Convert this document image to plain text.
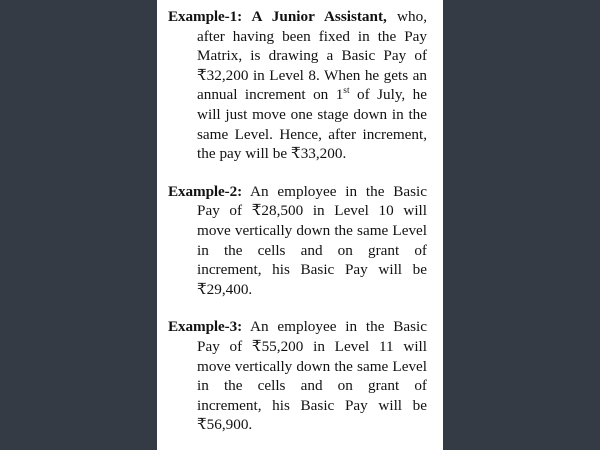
Example-1: A Junior Assistant, who, after having been fixed in the Pay Matrix, is drawing a Basic Pay of ₹32,200 in Level 8. When he gets an annual increment on 1st of July, he will just move one stage down in the same Level. Hence, after increment, the pay will be ₹33,200.

Example-2: An employee in the Basic Pay of ₹28,500 in Level 10 will move vertically down the same Level in the cells and on grant of increment, his Basic Pay will be ₹29,400.

Example-3: An employee in the Basic Pay of ₹55,200 in Level 11 will move vertically down the same Level in the cells and on grant of increment, his Basic Pay will be ₹56,900.
